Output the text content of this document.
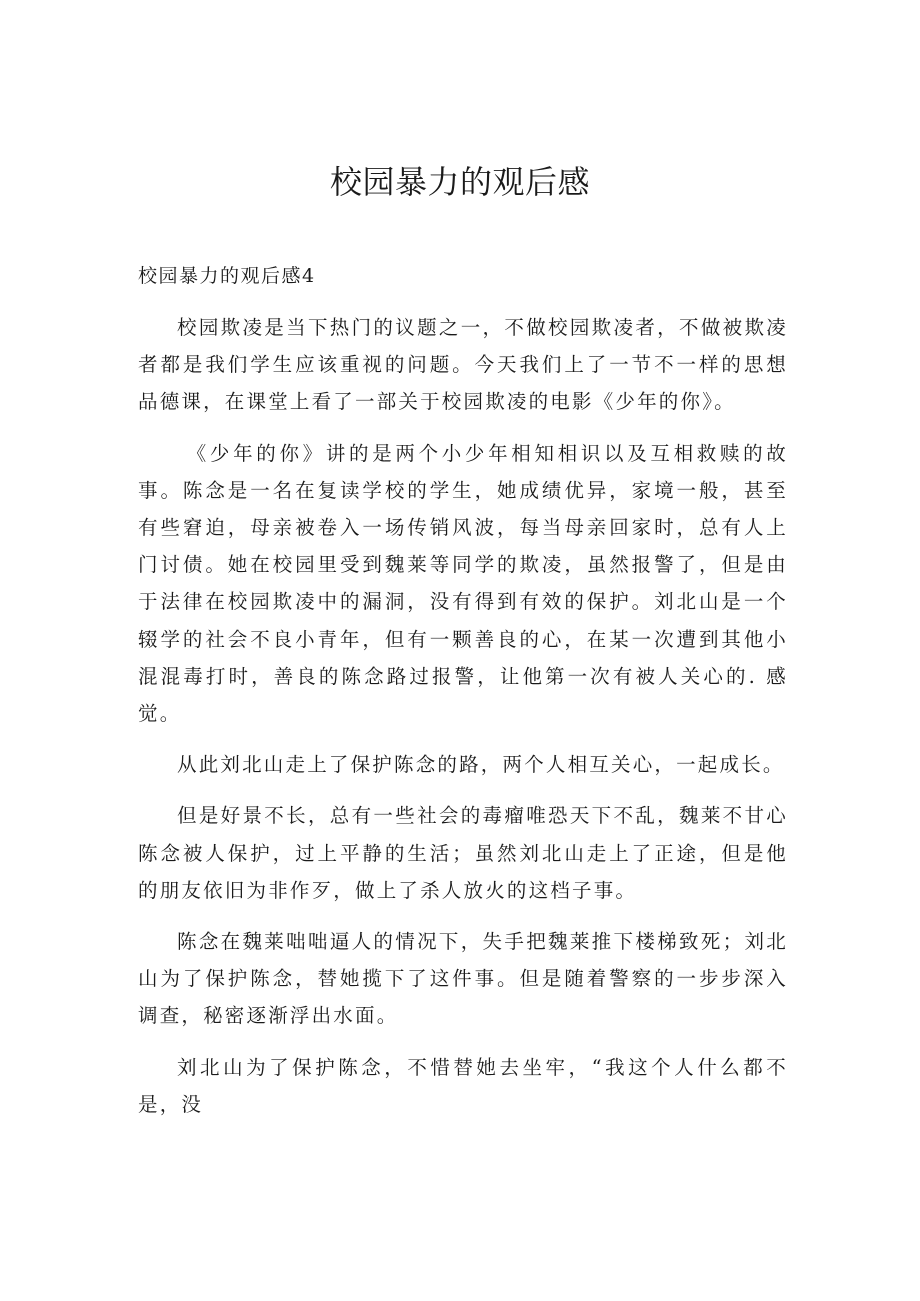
校园暴力的观后感
校园暴力的观后感4

校园欺凌是当下热门的议题之一，不做校园欺凌者，不做被欺凌者都是我们学生应该重视的问题。今天我们上了一节不一样的思想品德课，在课堂上看了一部关于校园欺凌的电影《少年的你》。

《少年的你》讲的是两个小少年相知相识以及互相救赎的故事。陈念是一名在复读学校的学生，她成绩优异，家境一般，甚至有些窘迫，母亲被卷入一场传销风波，每当母亲回家时，总有人上门讨债。她在校园里受到魏莱等同学的欺凌，虽然报警了，但是由于法律在校园欺凌中的漏洞，没有得到有效的保护。刘北山是一个辍学的社会不良小青年，但有一颗善良的心，在某一次遭到其他小混混毒打时，善良的陈念路过报警，让他第一次有被人关心的. 感觉。

从此刘北山走上了保护陈念的路，两个人相互关心，一起成长。

但是好景不长，总有一些社会的毒瘤唯恐天下不乱，魏莱不甘心陈念被人保护，过上平静的生活；虽然刘北山走上了正途，但是他的朋友依旧为非作歹，做上了杀人放火的这档子事。

陈念在魏莱咄咄逼人的情况下，失手把魏莱推下楼梯致死；刘北山为了保护陈念，替她揽下了这件事。但是随着警察的一步步深入调查，秘密逐渐浮出水面。

刘北山为了保护陈念，不惜替她去坐牢，“我这个人什么都不是，没
